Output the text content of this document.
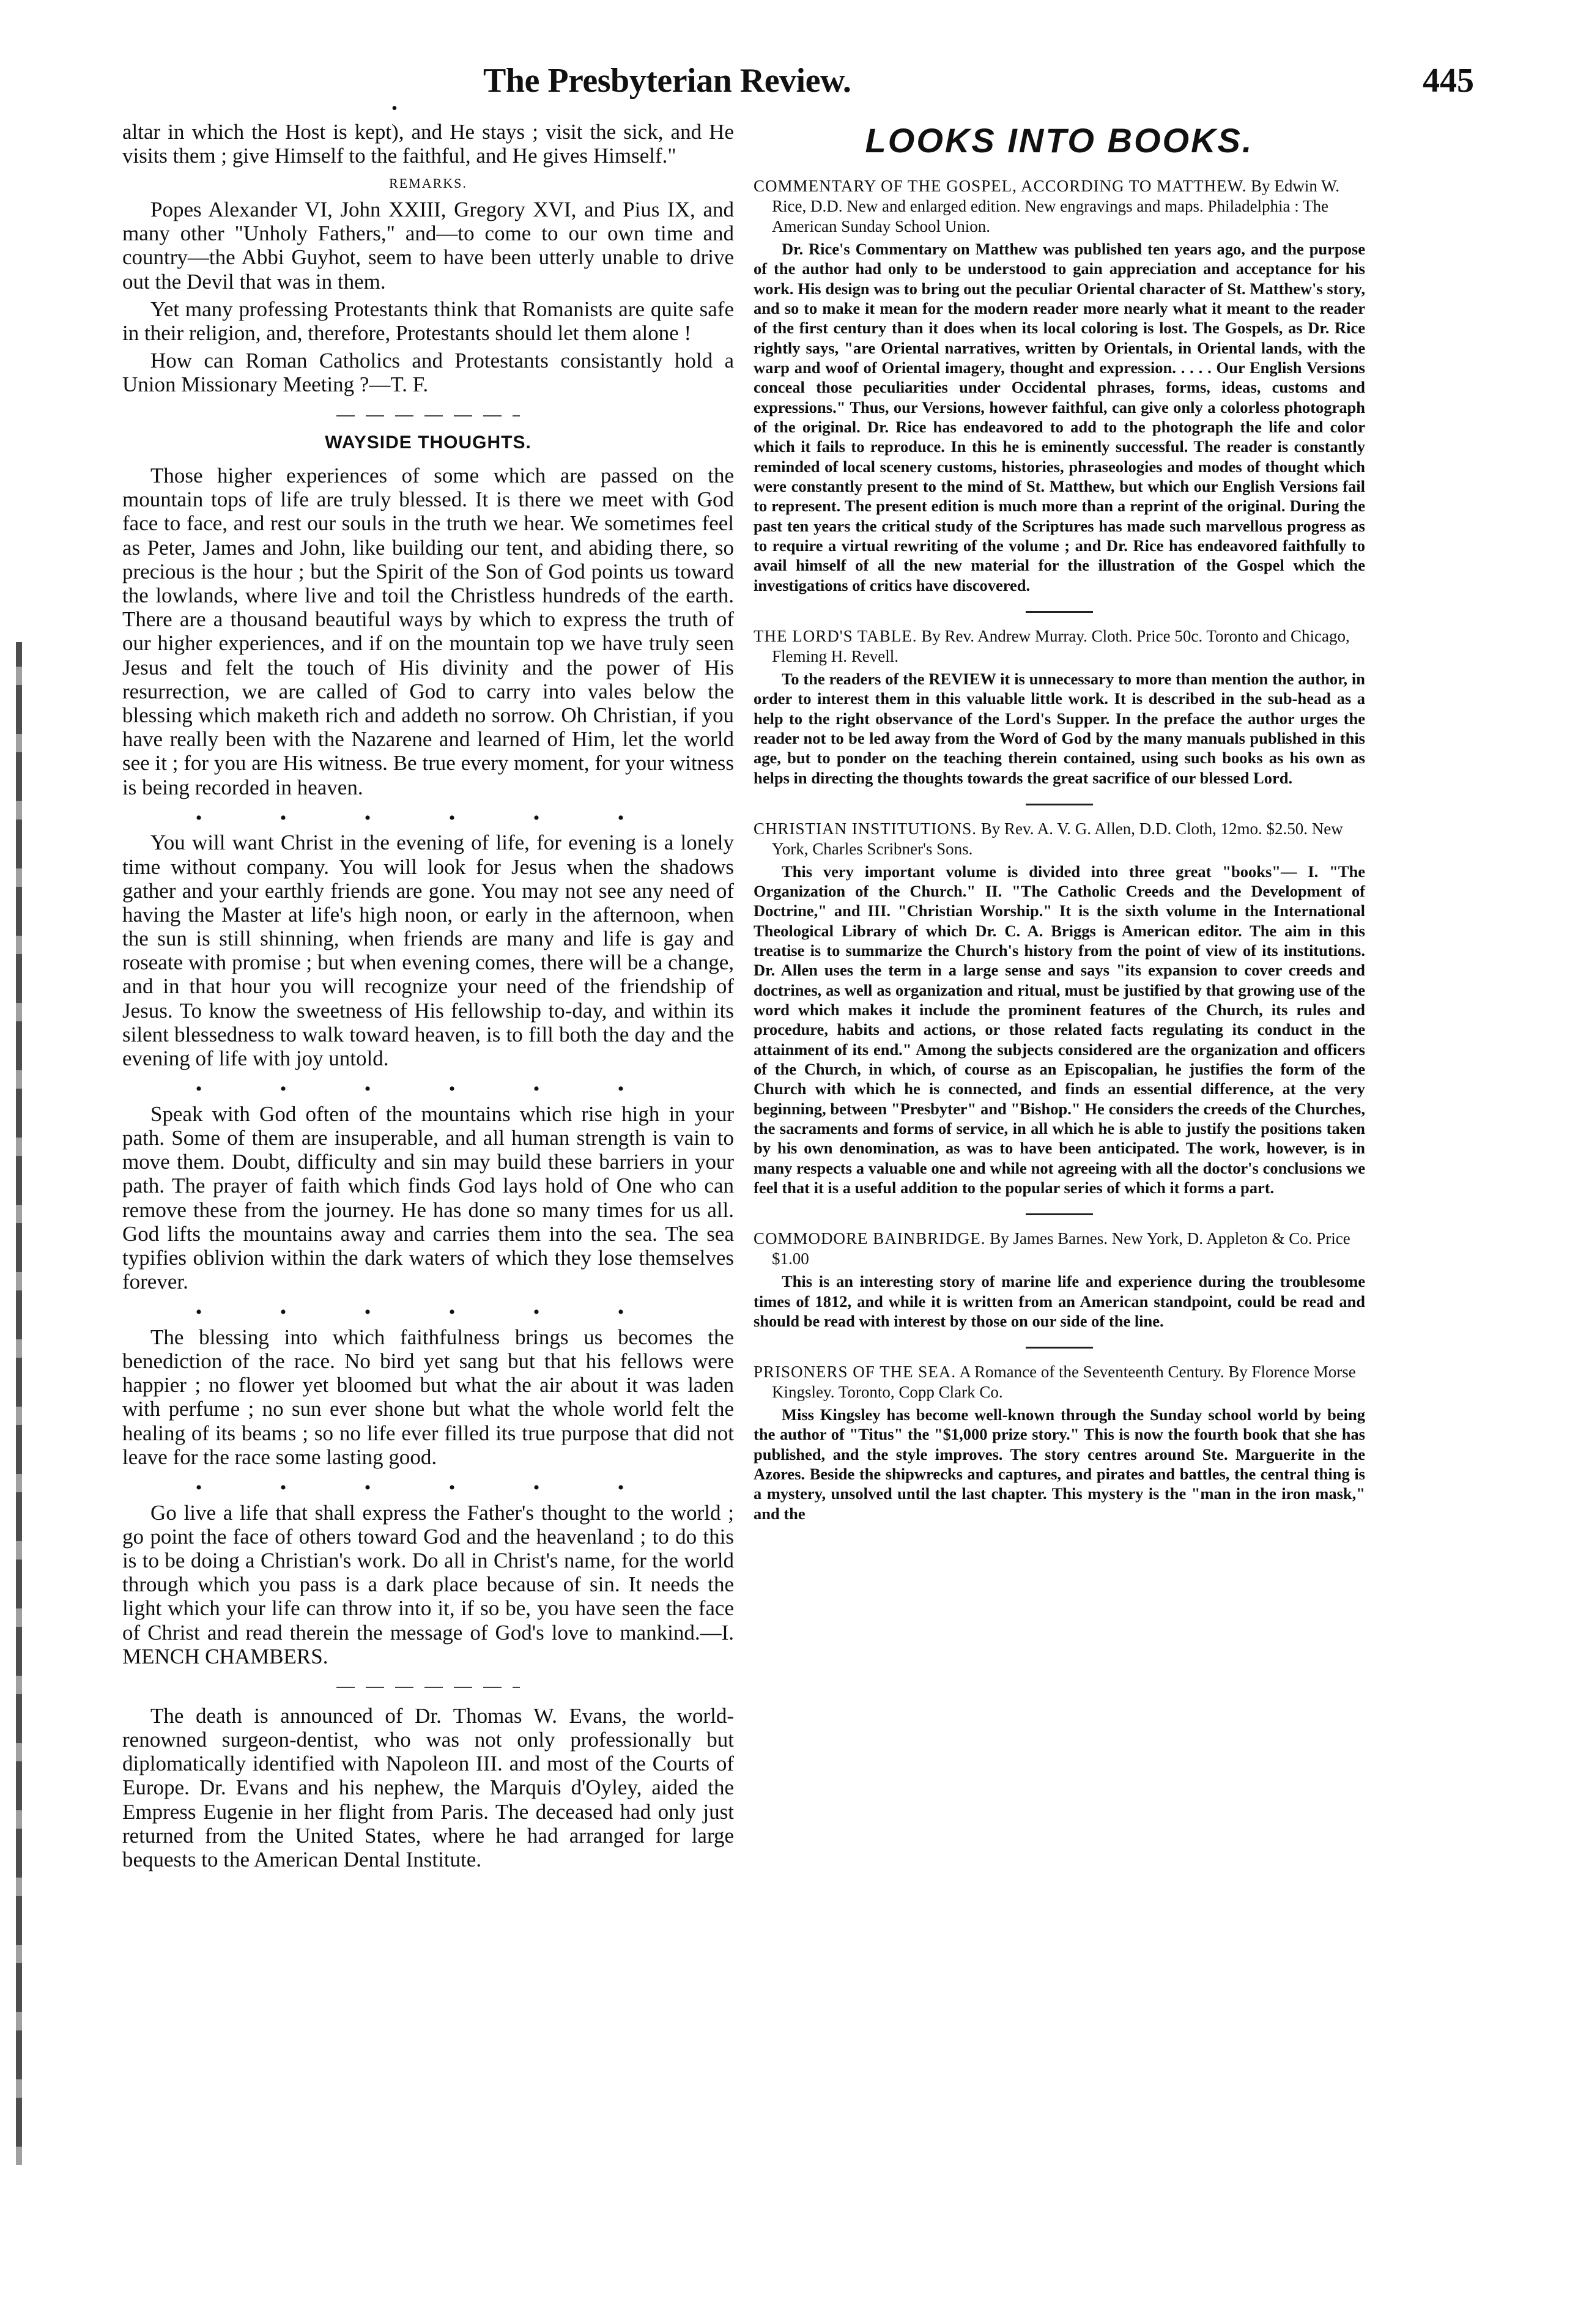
The Presbyterian Review.
•
445

altar in which the Host is kept), and He stays ; visit the sick, and He visits them ; give Himself to the faithful, and He gives Himself."

REMARKS.

Popes Alexander VI, John XXIII, Gregory XVI, and Pius IX, and many other "Unholy Fathers," and—to come to our own time and country—the Abbi Guyhot, seem to have been utterly unable to drive out the Devil that was in them.

Yet many professing Protestants think that Romanists are quite safe in their religion, and, therefore, Protestants should let them alone !

How can Roman Catholics and Protestants consistantly hold a Union Missionary Meeting ?—T. F.

WAYSIDE THOUGHTS.

Those higher experiences of some which are passed on the mountain tops of life are truly blessed. It is there we meet with God face to face, and rest our souls in the truth we hear. We sometimes feel as Peter, James and John, like building our tent, and abiding there, so precious is the hour ; but the Spirit of the Son of God points us toward the lowlands, where live and toil the Christless hundreds of the earth. There are a thousand beautiful ways by which to express the truth of our higher experiences, and if on the mountain top we have truly seen Jesus and felt the touch of His divinity and the power of His resurrection, we are called of God to carry into vales below the blessing which maketh rich and addeth no sorrow. Oh Christian, if you have really been with the Nazarene and learned of Him, let the world see it ; for you are His witness. Be true every moment, for your witness is being recorded in heaven.

• • • • • •

You will want Christ in the evening of life, for evening is a lonely time without company. You will look for Jesus when the shadows gather and your earthly friends are gone. You may not see any need of having the Master at life's high noon, or early in the afternoon, when the sun is still shinning, when friends are many and life is gay and roseate with promise ; but when evening comes, there will be a change, and in that hour you will recognize your need of the friendship of Jesus. To know the sweetness of His fellowship to-day, and within its silent blessedness to walk toward heaven, is to fill both the day and the evening of life with joy untold.

• • • • • •

Speak with God often of the mountains which rise high in your path. Some of them are insuperable, and all human strength is vain to move them. Doubt, difficulty and sin may build these barriers in your path. The prayer of faith which finds God lays hold of One who can remove these from the journey. He has done so many times for us all. God lifts the mountains away and carries them into the sea. The sea typifies oblivion within the dark waters of which they lose themselves forever.

• • • • • •

The blessing into which faithfulness brings us becomes the benediction of the race. No bird yet sang but that his fellows were happier ; no flower yet bloomed but what the air about it was laden with perfume ; no sun ever shone but what the whole world felt the healing of its beams ; so no life ever filled its true purpose that did not leave for the race some lasting good.

• • • • • •

Go live a life that shall express the Father's thought to the world ; go point the face of others toward God and the heavenland ; to do this is to be doing a Christian's work. Do all in Christ's name, for the world through which you pass is a dark place because of sin. It needs the light which your life can throw into it, if so be, you have seen the face of Christ and read therein the message of God's love to mankind.—I. MENCH CHAMBERS.

The death is announced of Dr. Thomas W. Evans, the world-renowned surgeon-dentist, who was not only professionally but diplomatically identified with Napoleon III. and most of the Courts of Europe. Dr. Evans and his nephew, the Marquis d'Oyley, aided the Empress Eugenie in her flight from Paris. The deceased had only just returned from the United States, where he had arranged for large bequests to the American Dental Institute.

LOOKS INTO BOOKS.

COMMENTARY OF THE GOSPEL, ACCORDING TO MATTHEW. By Edwin W. Rice, D.D. New and enlarged edition. New engravings and maps. Philadelphia : The American Sunday School Union.

Dr. Rice's Commentary on Matthew was published ten years ago, and the purpose of the author had only to be understood to gain appreciation and acceptance for his work. His design was to bring out the peculiar Oriental character of St. Matthew's story, and so to make it mean for the modern reader more nearly what it meant to the reader of the first century than it does when its local coloring is lost. The Gospels, as Dr. Rice rightly says, "are Oriental narratives, written by Orientals, in Oriental lands, with the warp and woof of Oriental imagery, thought and expression. . . . . Our English Versions conceal those peculiarities under Occidental phrases, forms, ideas, customs and expressions." Thus, our Versions, however faithful, can give only a colorless photograph of the original. Dr. Rice has endeavored to add to the photograph the life and color which it fails to reproduce. In this he is eminently successful. The reader is constantly reminded of local scenery customs, histories, phraseologies and modes of thought which were constantly present to the mind of St. Matthew, but which our English Versions fail to represent. The present edition is much more than a reprint of the original. During the past ten years the critical study of the Scriptures has made such marvellous progress as to require a virtual rewriting of the volume ; and Dr. Rice has endeavored faithfully to avail himself of all the new material for the illustration of the Gospel which the investigations of critics have discovered.

THE LORD'S TABLE. By Rev. Andrew Murray. Cloth. Price 50c. Toronto and Chicago, Fleming H. Revell.

To the readers of the REVIEW it is unnecessary to more than mention the author, in order to interest them in this valuable little work. It is described in the sub-head as a help to the right observance of the Lord's Supper. In the preface the author urges the reader not to be led away from the Word of God by the many manuals published in this age, but to ponder on the teaching therein contained, using such books as his own as helps in directing the thoughts towards the great sacrifice of our blessed Lord.

CHRISTIAN INSTITUTIONS. By Rev. A. V. G. Allen, D.D. Cloth, 12mo. $2.50. New York, Charles Scribner's Sons.

This very important volume is divided into three great "books"— I. "The Organization of the Church." II. "The Catholic Creeds and the Development of Doctrine," and III. "Christian Worship." It is the sixth volume in the International Theological Library of which Dr. C. A. Briggs is American editor. The aim in this treatise is to summarize the Church's history from the point of view of its institutions. Dr. Allen uses the term in a large sense and says "its expansion to cover creeds and doctrines, as well as organization and ritual, must be justified by that growing use of the word which makes it include the prominent features of the Church, its rules and procedure, habits and actions, or those related facts regulating its conduct in the attainment of its end." Among the subjects considered are the organization and officers of the Church, in which, of course as an Episcopalian, he justifies the form of the Church with which he is connected, and finds an essential difference, at the very beginning, between "Presbyter" and "Bishop." He considers the creeds of the Churches, the sacraments and forms of service, in all which he is able to justify the positions taken by his own denomination, as was to have been anticipated. The work, however, is in many respects a valuable one and while not agreeing with all the doctor's conclusions we feel that it is a useful addition to the popular series of which it forms a part.

COMMODORE BAINBRIDGE. By James Barnes. New York, D. Appleton & Co. Price $1.00

This is an interesting story of marine life and experience during the troublesome times of 1812, and while it is written from an American standpoint, could be read and should be read with interest by those on our side of the line.

PRISONERS OF THE SEA. A Romance of the Seventeenth Century. By Florence Morse Kingsley. Toronto, Copp Clark Co.

Miss Kingsley has become well-known through the Sunday school world by being the author of "Titus" the "$1,000 prize story." This is now the fourth book that she has published, and the style improves. The story centres around Ste. Marguerite in the Azores. Beside the shipwrecks and captures, and pirates and battles, the central thing is a mystery, unsolved until the last chapter. This mystery is the "man in the iron mask," and the
